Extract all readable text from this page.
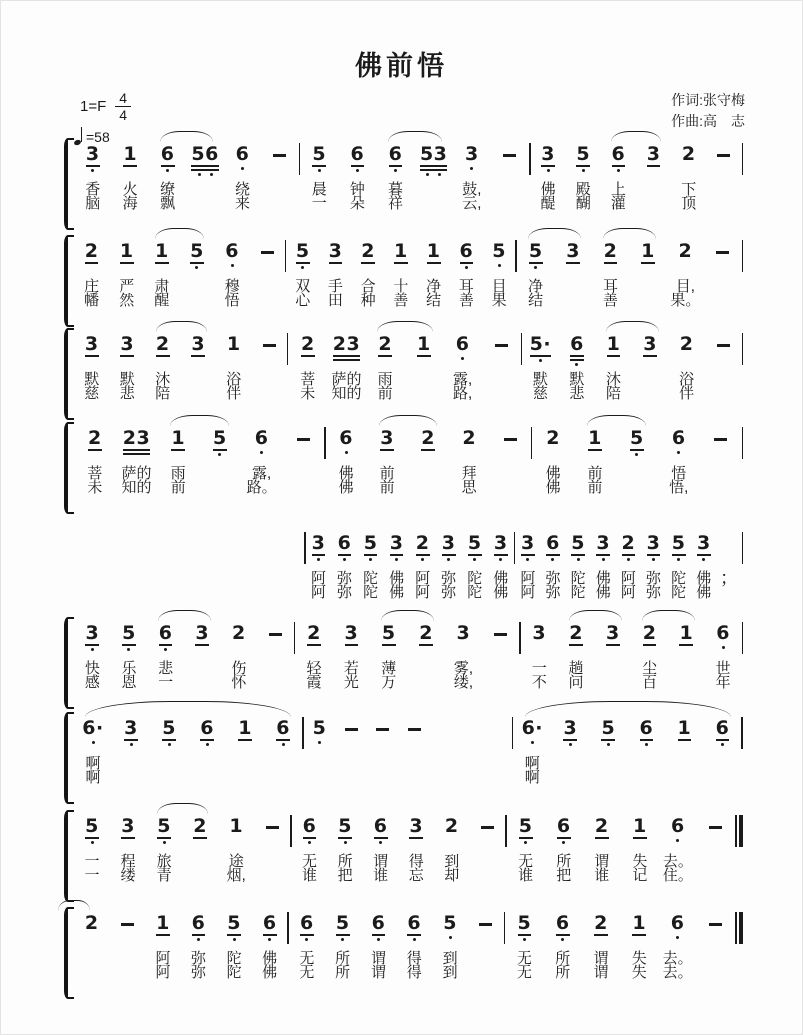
佛前悟
作词:张守梅
作曲:高　志
$1=F \frac{4}{4}$
=58
3
香
脑
1
火
海
6
缭
飘
56 6
绕
来
5
晨
一
6
钟
朵
6
暮
祥
53 3
鼓,
云,
3
佛
醍
5
殿
醐
6
上
灌
3 2
下
顶
2
庄
幡
1
严
然
1
肃
醒
5 6
穆
悟
5
双
心
3
手
田
2
合
种
1
十
善
1
净
结
6
耳
善
5
目
果
5
净
结
3 2
耳
善
1 2
目,
果。
3
默
慈
3
默
悲
2
沐
陪
3 1
浴
伴
2
菩
未
23
萨的
知的
2
雨
前
1 6
露,
路,
5·
默
慈
6
默
悲
1
沐
陪
3 2
浴
伴
2
菩
未
23
萨的
知的
1
雨
前
5 6
露,
路。
6
佛
佛
3
前
前
2 2
拜
思
2
佛
佛
1
前
前
5 6
悟
悟,
3
阿
阿
6
弥
弥
5
陀
陀
3
佛
佛
2
阿
阿
3
弥
弥
5
陀
陀
3
佛
佛
3
阿
阿
6
弥
弥
5
陀
陀
3
佛
佛
2
阿
阿
3
弥
弥
5
陀
陀
3
佛
佛
；
3
快
感
5
乐
恩
6
悲
一
3 2
伤
怀
2
轻
霞
3
若
光
5
薄
万
2 3
雾,
缕,
3
一
不
2
趟
问
3 2
尘
百
1 6
世
年
6·
啊
啊
3 5 6 1 6 5	6·
啊
啊
3 5 6 1 6
5
一
一
3
程
缕
5
旅
青
2 1
途
烟,
6
无
谁
5
所
把
6
谓
谁
3
得
忘
2
到
却
5
无
谁
6
所
把
2
谓
谁
1
失
记
6
去。
住。
2	1
阿
阿
6
弥
弥
5
陀
陀
6
佛
佛
6
无
无
5
所
所
6
谓
谓
6
得
得
5
到
到
5
无
无
6
所
所
2
谓
谓
1
失
失
6
去。
去。
